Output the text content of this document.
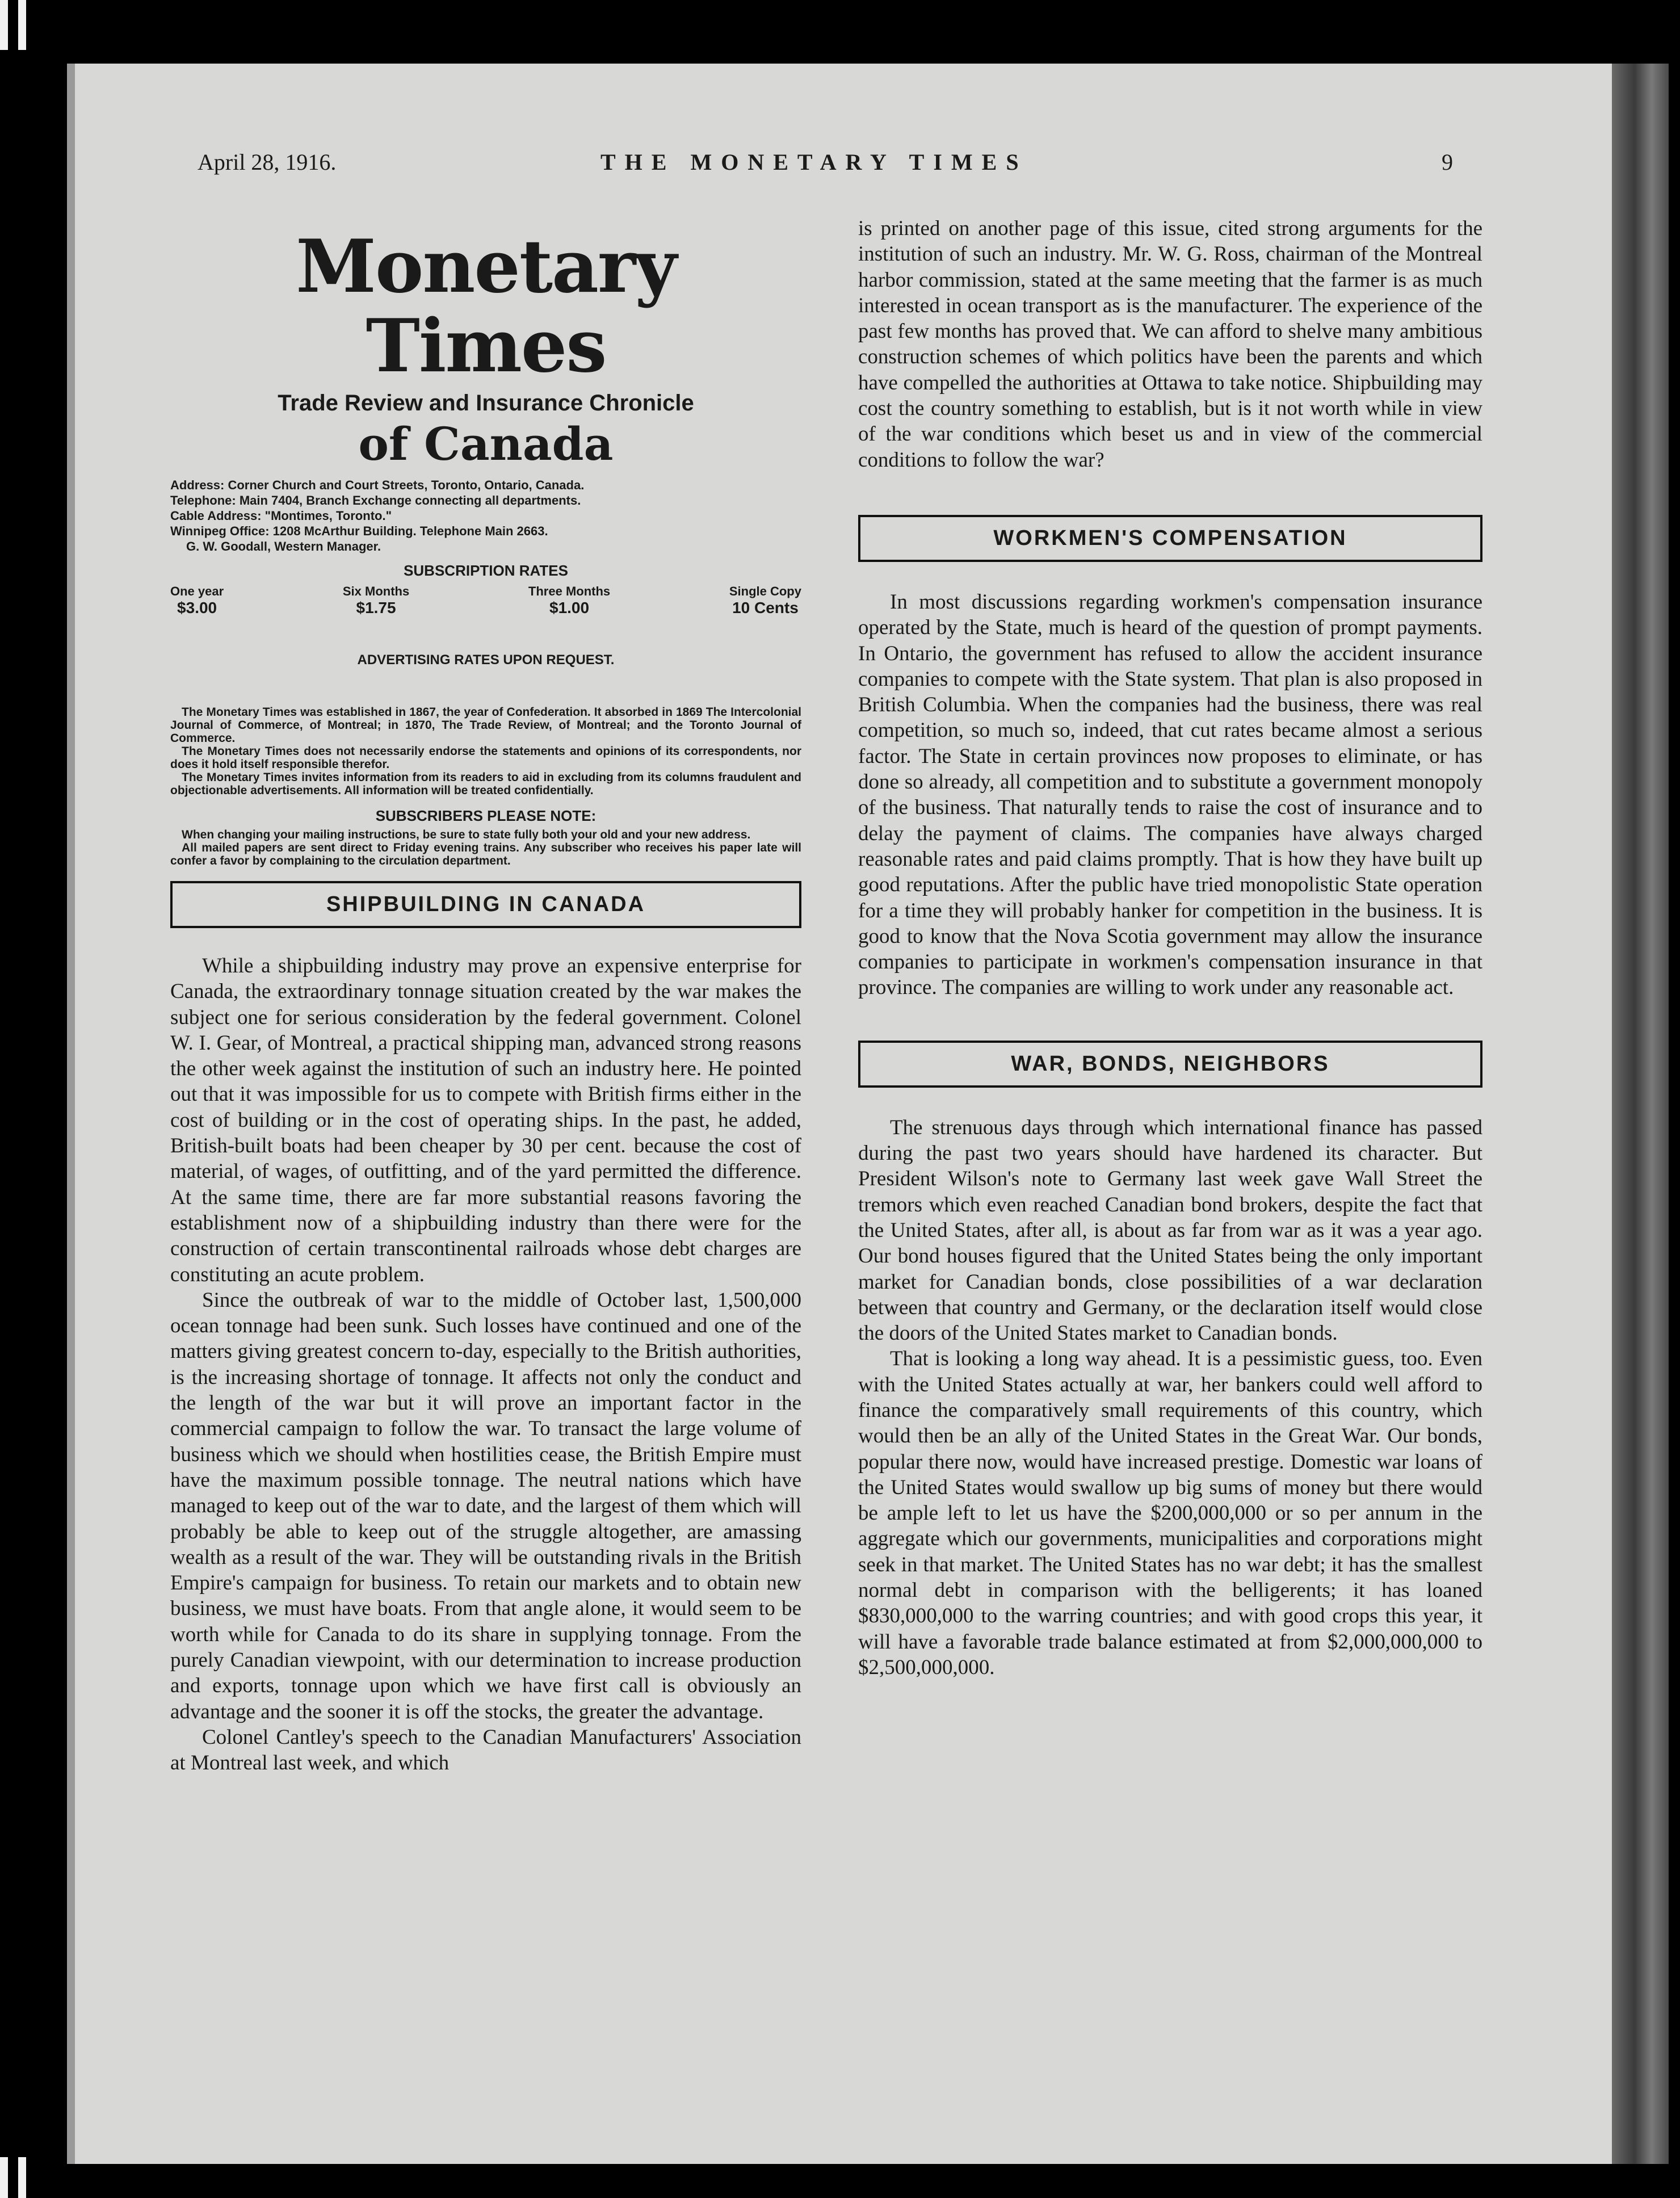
April 28, 1916.	THE MONETARY TIMES	9
Monetary Times
Trade Review and Insurance Chronicle
of Canada

Address: Corner Church and Court Streets, Toronto, Ontario, Canada.

Telephone: Main 7404, Branch Exchange connecting all departments.

Cable Address: "Montimes, Toronto."

Winnipeg Office: 1208 McArthur Building. Telephone Main 2663.

G. W. Goodall, Western Manager.

SUBSCRIPTION RATES
One year
$3.00
Six Months
$1.75
Three Months
$1.00
Single Copy
10 Cents
ADVERTISING RATES UPON REQUEST.

The Monetary Times was established in 1867, the year of Confederation. It absorbed in 1869 The Intercolonial Journal of Commerce, of Montreal; in 1870, The Trade Review, of Montreal; and the Toronto Journal of Commerce.

The Monetary Times does not necessarily endorse the statements and opinions of its correspondents, nor does it hold itself responsible therefor.

The Monetary Times invites information from its readers to aid in excluding from its columns fraudulent and objectionable advertisements. All information will be treated confidentially.

SUBSCRIBERS PLEASE NOTE:

When changing your mailing instructions, be sure to state fully both your old and your new address.

All mailed papers are sent direct to Friday evening trains. Any subscriber who receives his paper late will confer a favor by complaining to the circulation department.

SHIPBUILDING IN CANADA

While a shipbuilding industry may prove an expensive enterprise for Canada, the extraordinary tonnage situation created by the war makes the subject one for serious consideration by the federal government. Colonel W. I. Gear, of Montreal, a practical shipping man, advanced strong reasons the other week against the institution of such an industry here. He pointed out that it was impossible for us to compete with British firms either in the cost of building or in the cost of operating ships. In the past, he added, British-built boats had been cheaper by 30 per cent. because the cost of material, of wages, of outfitting, and of the yard permitted the difference. At the same time, there are far more substantial reasons favoring the establishment now of a shipbuilding industry than there were for the construction of certain transcontinental railroads whose debt charges are constituting an acute problem.

Since the outbreak of war to the middle of October last, 1,500,000 ocean tonnage had been sunk. Such losses have continued and one of the matters giving greatest concern to-day, especially to the British authorities, is the increasing shortage of tonnage. It affects not only the conduct and the length of the war but it will prove an important factor in the commercial campaign to follow the war. To transact the large volume of business which we should when hostilities cease, the British Empire must have the maximum possible tonnage. The neutral nations which have managed to keep out of the war to date, and the largest of them which will probably be able to keep out of the struggle altogether, are amassing wealth as a result of the war. They will be outstanding rivals in the British Empire's campaign for business. To retain our markets and to obtain new business, we must have boats. From that angle alone, it would seem to be worth while for Canada to do its share in supplying tonnage. From the purely Canadian viewpoint, with our determination to increase production and exports, tonnage upon which we have first call is obviously an advantage and the sooner it is off the stocks, the greater the advantage.

Colonel Cantley's speech to the Canadian Manufacturers' Association at Montreal last week, and which

is printed on another page of this issue, cited strong arguments for the institution of such an industry. Mr. W. G. Ross, chairman of the Montreal harbor commission, stated at the same meeting that the farmer is as much interested in ocean transport as is the manufacturer. The experience of the past few months has proved that. We can afford to shelve many ambitious construction schemes of which politics have been the parents and which have compelled the authorities at Ottawa to take notice. Shipbuilding may cost the country something to establish, but is it not worth while in view of the war conditions which beset us and in view of the commercial conditions to follow the war?

WORKMEN'S COMPENSATION

In most discussions regarding workmen's compensation insurance operated by the State, much is heard of the question of prompt payments. In Ontario, the government has refused to allow the accident insurance companies to compete with the State system. That plan is also proposed in British Columbia. When the companies had the business, there was real competition, so much so, indeed, that cut rates became almost a serious factor. The State in certain provinces now proposes to eliminate, or has done so already, all competition and to substitute a government monopoly of the business. That naturally tends to raise the cost of insurance and to delay the payment of claims. The companies have always charged reasonable rates and paid claims promptly. That is how they have built up good reputations. After the public have tried monopolistic State operation for a time they will probably hanker for competition in the business. It is good to know that the Nova Scotia government may allow the insurance companies to participate in workmen's compensation insurance in that province. The companies are willing to work under any reasonable act.

WAR, BONDS, NEIGHBORS

The strenuous days through which international finance has passed during the past two years should have hardened its character. But President Wilson's note to Germany last week gave Wall Street the tremors which even reached Canadian bond brokers, despite the fact that the United States, after all, is about as far from war as it was a year ago. Our bond houses figured that the United States being the only important market for Canadian bonds, close possibilities of a war declaration between that country and Germany, or the declaration itself would close the doors of the United States market to Canadian bonds.

That is looking a long way ahead. It is a pessimistic guess, too. Even with the United States actually at war, her bankers could well afford to finance the comparatively small requirements of this country, which would then be an ally of the United States in the Great War. Our bonds, popular there now, would have increased prestige. Domestic war loans of the United States would swallow up big sums of money but there would be ample left to let us have the $200,000,000 or so per annum in the aggregate which our governments, municipalities and corporations might seek in that market. The United States has no war debt; it has the smallest normal debt in comparison with the belligerents; it has loaned $830,000,000 to the warring countries; and with good crops this year, it will have a favorable trade balance estimated at from $2,000,000,000 to $2,500,000,000.
